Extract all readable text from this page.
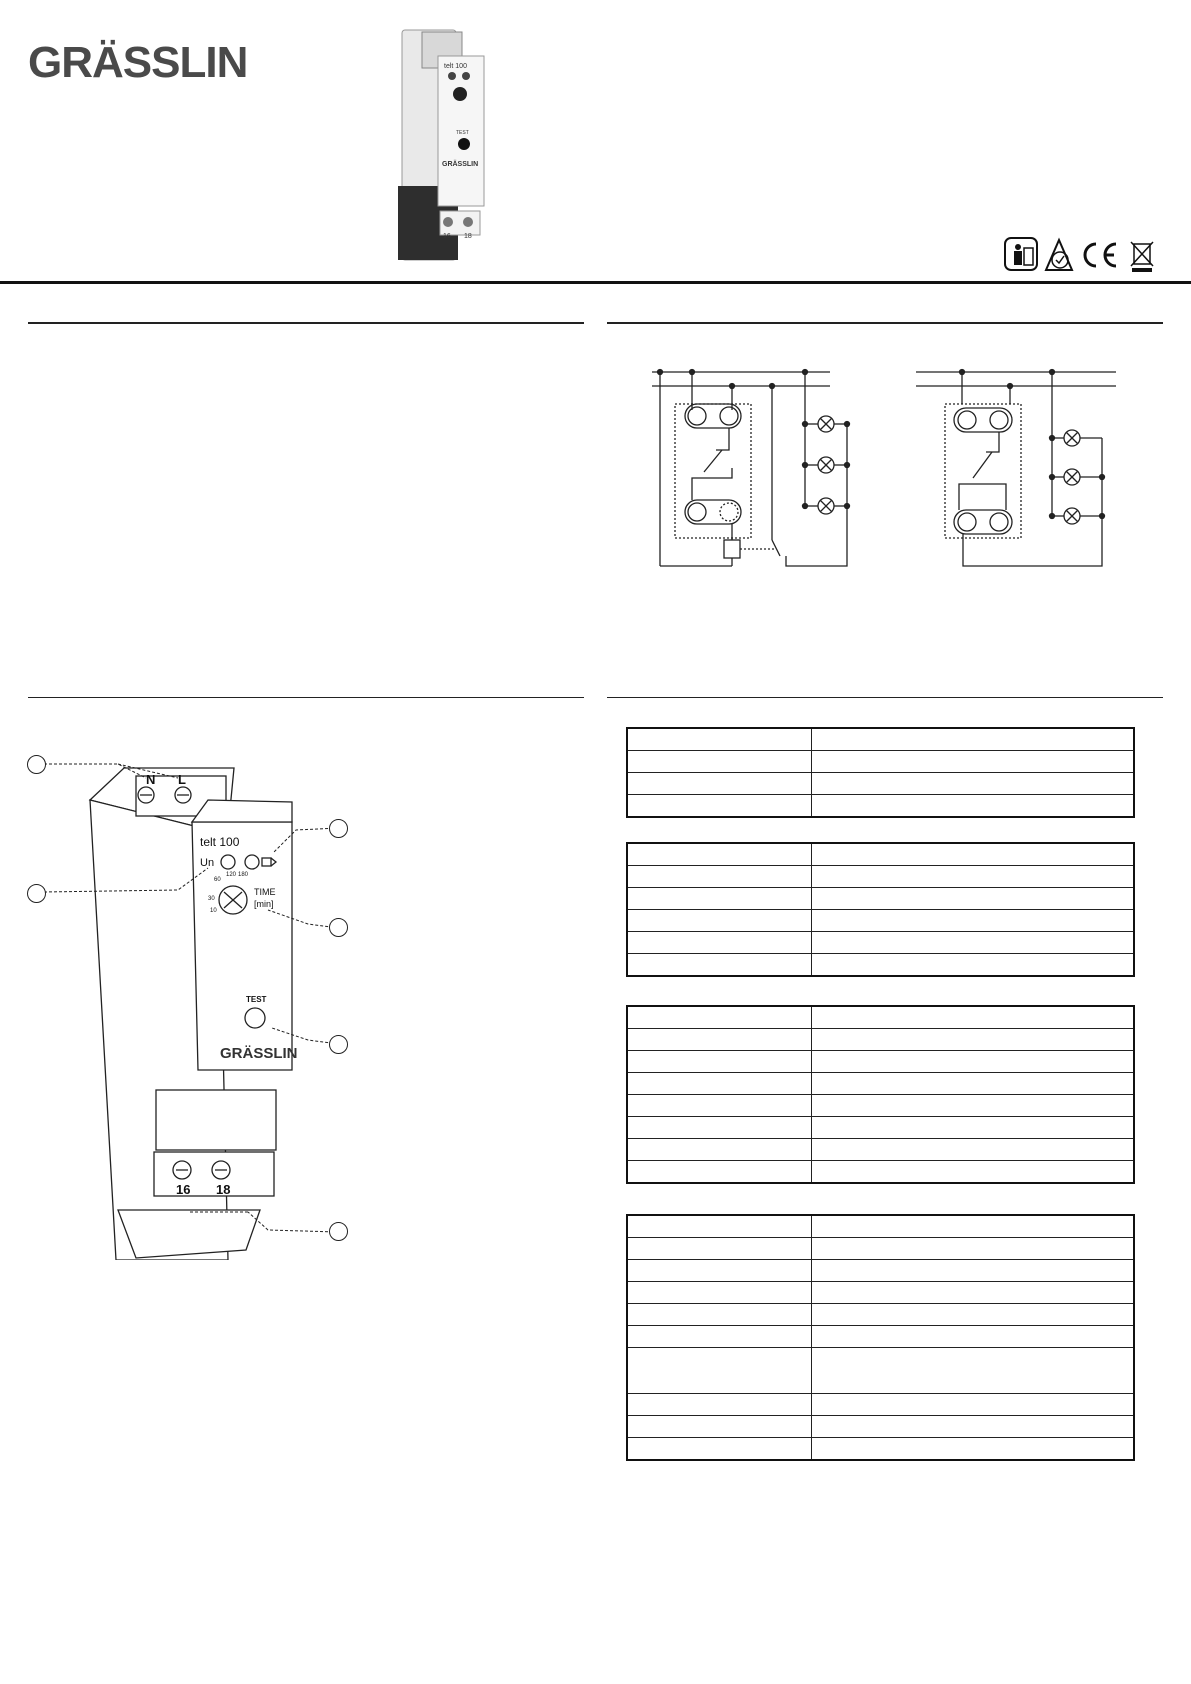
GRÄSSLIN	telt 100
TEST
GRÄSSLIN
16 18
N L
telt 100
Un
60
120 180
30
10
TIME
[min]
TEST
GRÄSSLIN
16 18
